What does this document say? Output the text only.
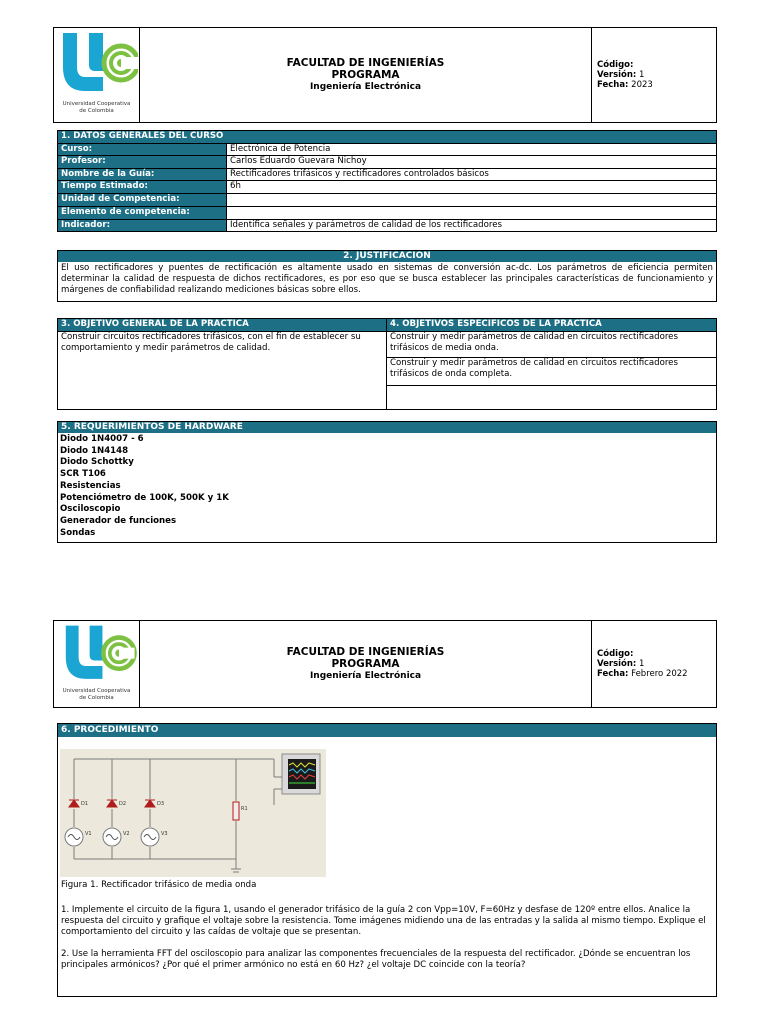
Universidad Cooperativa
de Colombia

FACULTAD DE INGENIERÍAS
PROGRAMA
Ingeniería Electrónica

Código:
Versión: 1
Fecha: 2023
1. DATOS GENERALES DEL CURSO	
Curso:	Electrónica de Potencia
Profesor:	Carlos Eduardo Guevara Nichoy
Nombre de la Guía:	Rectificadores trifásicos y rectificadores controlados básicos
Tiempo Estimado:	6h
Unidad de Competencia:	
Elemento de competencia:	
Indicador:	Identifica señales y parámetros de calidad de los rectificadores
2. JUSTIFICACION
El uso rectificadores y puentes de rectificación es altamente usado en sistemas de conversión ac-dc. Los parámetros de eficiencia permiten determinar la calidad de respuesta de dichos rectificadores, es por eso que se busca establecer las principales características de funcionamiento y márgenes de confiabilidad realizando mediciones básicas sobre ellos.
3. OBJETIVO GENERAL DE LA PRACTICA	4. OBJETIVOS ESPECIFICOS DE LA PRACTICA
Construir circuitos rectificadores trifásicos, con el fin de establecer su comportamiento y medir parámetros de calidad.	Construir y medir parámetros de calidad en circuitos rectificadores trifásicos de media onda.
	Construir y medir parámetros de calidad en circuitos rectificadores trifásicos de onda completa.

5. REQUERIMIENTOS DE HARDWARE
Diodo 1N4007 - 6
Diodo 1N4148
Diodo Schottky
SCR T106
Resistencias
Potenciómetro de 100K, 500K y 1K
Osciloscopio
Generador de funciones
Sondas
Universidad Cooperativa
de Colombia

FACULTAD DE INGENIERÍAS
PROGRAMA
Ingeniería Electrónica

Código:
Versión: 1
Fecha: Febrero 2022
6. PROCEDIMIENTO
D1	D2	D3
V1	V2	V3
R1
Figura 1. Rectificador trifásico de media onda

1. Implemente el circuito de la figura 1, usando el generador trifásico de la guía 2 con Vpp=10V, F=60Hz y desfase de 120º entre ellos. Analice la respuesta del circuito y grafique el voltaje sobre la resistencia. Tome imágenes midiendo una de las entradas y la salida al mismo tiempo. Explique el comportamiento del circuito y las caídas de voltaje que se presentan.

2. Use la herramienta FFT del osciloscopio para analizar las componentes frecuenciales de la respuesta del rectificador. ¿Dónde se encuentran los principales armónicos? ¿Por qué el primer armónico no está en 60 Hz? ¿el voltaje DC coincide con la teoría?
